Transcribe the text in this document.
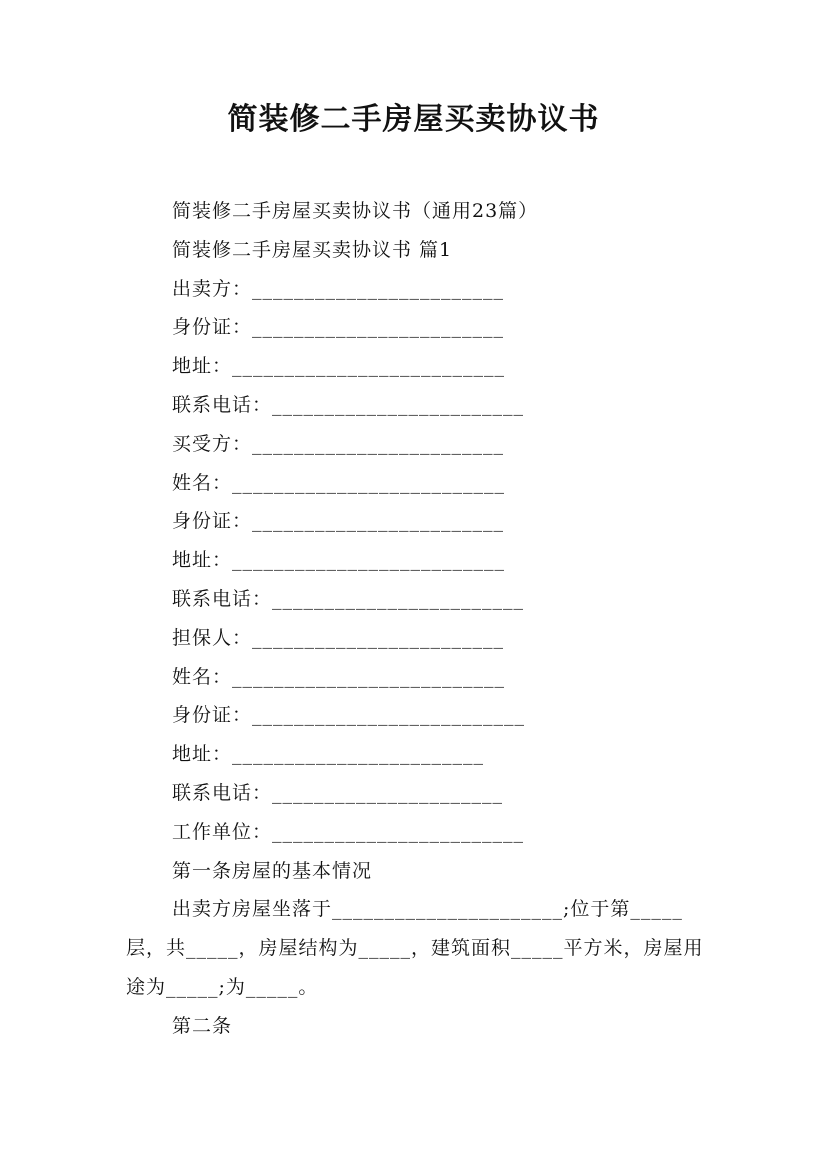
简装修二手房屋买卖协议书
简装修二手房屋买卖协议书（通用23篇）
简装修二手房屋买卖协议书 篇1
出卖方：________________________
身份证：________________________
地址：__________________________
联系电话：________________________
买受方：________________________
姓名：__________________________
身份证：________________________
地址：__________________________
联系电话：________________________
担保人：________________________
姓名：__________________________
身份证：__________________________
地址：________________________
联系电话：______________________
工作单位：________________________
第一条房屋的基本情况
出卖方房屋坐落于______________________;位于第_____层，共_____，房屋结构为_____，建筑面积_____平方米，房屋用途为_____;为_____。
第二条
